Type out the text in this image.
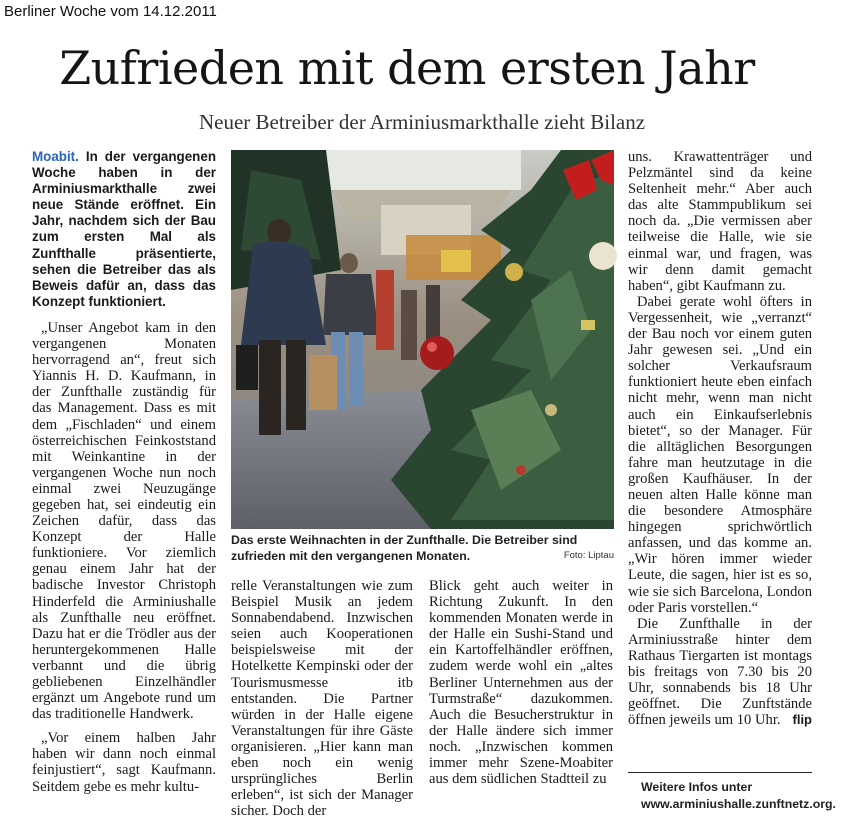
Berliner Woche vom 14.12.2011
Zufrieden mit dem ersten Jahr
Neuer Betreiber der Arminiusmarkthalle zieht Bilanz

Moabit. In der vergangenen Woche haben in der Arminiusmarkthalle zwei neue Stände eröffnet. Ein Jahr, nachdem sich der Bau zum ersten Mal als Zunfthalle präsentierte, sehen die Betreiber das als Beweis dafür an, dass das Konzept funktioniert.

„Unser Angebot kam in den vergangenen Monaten hervorragend an“, freut sich Yiannis H. D. Kaufmann, in der Zunfthalle zuständig für das Management. Dass es mit dem „Fischladen“ und einem österreichischen Feinkoststand mit Weinkantine in der vergangenen Woche nun noch einmal zwei Neuzugänge gegeben hat, sei eindeutig ein Zeichen dafür, dass das Konzept der Halle funktioniere. Vor ziemlich genau einem Jahr hat der badische Investor Christoph Hinderfeld die Arminiushalle als Zunfthalle neu eröffnet. Dazu hat er die Trödler aus der heruntergekommenen Halle verbannt und die übrig gebliebenen Einzelhändler ergänzt um Angebote rund um das traditionelle Handwerk.

„Vor einem halben Jahr haben wir dann noch einmal feinjustiert“, sagt Kaufmann. Seitdem gebe es mehr kultu-

Das erste Weihnachten in der Zunfthalle. Die Betreiber sind zufrieden mit den vergangenen Monaten.	Foto: Liptau

relle Veranstaltungen wie zum Beispiel Musik an jedem Sonnabendabend. Inzwischen seien auch Kooperationen beispielsweise mit der Hotelkette Kempinski oder der Tourismusmesse itb entstanden. Die Partner würden in der Halle eigene Veranstaltungen für ihre Gäste organisieren. „Hier kann man eben noch ein wenig ursprüngliches Berlin erleben“, ist sich der Manager sicher. Doch der

Blick geht auch weiter in Richtung Zukunft. In den kommenden Monaten werde in der Halle ein Sushi-Stand und ein Kartoffelhändler eröffnen, zudem werde wohl ein „altes Berliner Unternehmen aus der Turmstraße“ dazukommen. Auch die Besucherstruktur in der Halle ändere sich immer noch. „Inzwischen kommen immer mehr Szene-Moabiter aus dem südlichen Stadtteil zu

uns. Krawattenträger und Pelzmäntel sind da keine Seltenheit mehr.“ Aber auch das alte Stammpublikum sei noch da. „Die vermissen aber teilweise die Halle, wie sie einmal war, und fragen, was wir denn damit gemacht haben“, gibt Kaufmann zu.

Dabei gerate wohl öfters in Vergessenheit, wie „verranzt“ der Bau noch vor einem guten Jahr gewesen sei. „Und ein solcher Verkaufsraum funktioniert heute eben einfach nicht mehr, wenn man nicht auch ein Einkaufserlebnis bietet“, so der Manager. Für die alltäglichen Besorgungen fahre man heutzutage in die großen Kaufhäuser. In der neuen alten Halle könne man die besondere Atmosphäre hingegen sprichwörtlich anfassen, und das komme an. „Wir hören immer wieder Leute, die sagen, hier ist es so, wie sie sich Barcelona, London oder Paris vorstellen.“

Die Zunfthalle in der Arminiusstraße hinter dem Rathaus Tiergarten ist montags bis freitags von 7.30 bis 20 Uhr, sonnabends bis 18 Uhr geöffnet. Die Zunftstände öffnen jeweils um 10 Uhr. flip

Weitere Infos unter www.arminiushalle.zunftnetz.org.
